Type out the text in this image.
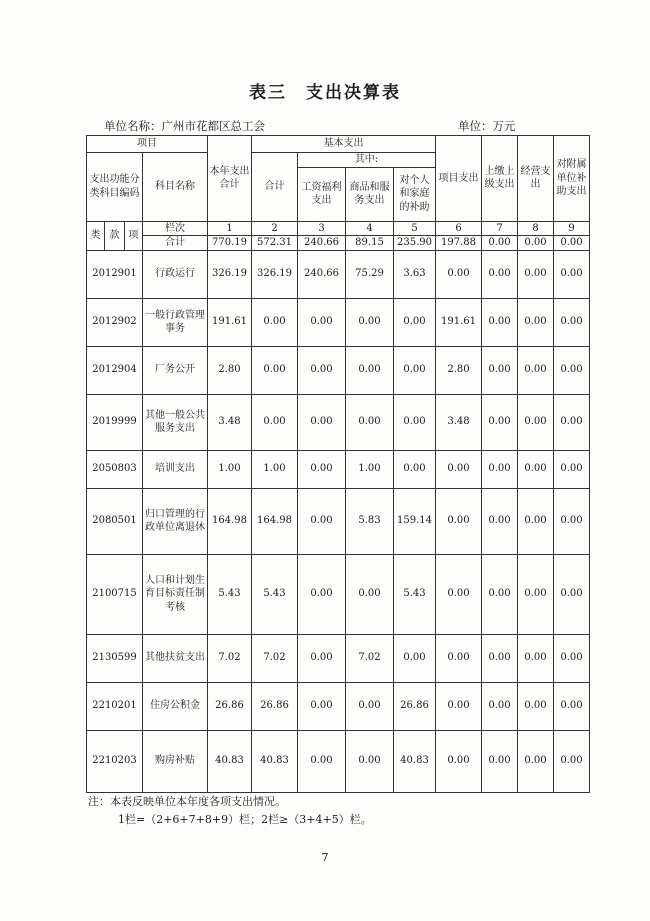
表三　支出决算表
单位名称：广州市花都区总工会	单位：万元
项目				本年支出合计	基本支出				项目支出	上缴上级支出	经营支出	对附属单位补助支出
支出功能分类科目编码			科目名称		合计	其中:						
						工资福利支出	商品和服务支出	对个人和家庭的补助				
类	款	项	栏次	1	2	3	4	5	6	7	8	9
			合计	770.19	572.31	240.66	89.15	235.90	197.88	0.00	0.00	0.00
2012901			行政运行	326.19	326.19	240.66	75.29	3.63	0.00	0.00	0.00	0.00
2012902			一般行政管理事务	191.61	0.00	0.00	0.00	0.00	191.61	0.00	0.00	0.00
2012904			厂务公开	2.80	0.00	0.00	0.00	0.00	2.80	0.00	0.00	0.00
2019999			其他一般公共服务支出	3.48	0.00	0.00	0.00	0.00	3.48	0.00	0.00	0.00
2050803			培训支出	1.00	1.00	0.00	1.00	0.00	0.00	0.00	0.00	0.00
2080501			归口管理的行政单位离退休	164.98	164.98	0.00	5.83	159.14	0.00	0.00	0.00	0.00
2100715			人口和计划生育目标责任制考核	5.43	5.43	0.00	0.00	5.43	0.00	0.00	0.00	0.00
2130599			其他扶贫支出	7.02	7.02	0.00	7.02	0.00	0.00	0.00	0.00	0.00
2210201			住房公积金	26.86	26.86	0.00	0.00	26.86	0.00	0.00	0.00	0.00
2210203			购房补贴	40.83	40.83	0.00	0.00	40.83	0.00	0.00	0.00	0.00
注：本表反映单位本年度各项支出情况。
1栏=（2+6+7+8+9）栏；2栏≥（3+4+5）栏。
7
